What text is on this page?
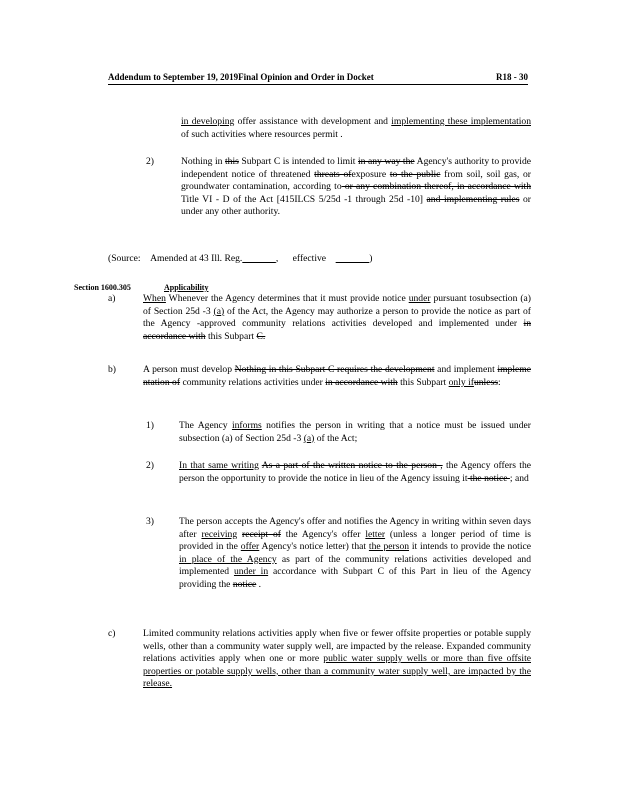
Addendum to September 19, 2019Final Opinion and Order in Docket	R18 - 30
in developing offer assistance with development and implementing these implementation of such activities where resources permit .
2)	Nothing in this Subpart C is intended to limit in any way the Agency's authority to provide independent notice of threatened threats ofexposure to the public from soil, soil gas, or groundwater contamination, according to or any combination thereof, in accordance with Title VI - D of the Act [415ILCS 5/25d -1 through 25d -10] and implementing rules or under any other authority.
(Source: Amended at 43 Ill. Reg.	,      effective	)
Section 1600.305	Applicability
a)	When Whenever the Agency determines that it must provide notice under pursuant tosubsection (a) of Section 25d -3 (a) of the Act, the Agency may authorize a person to provide the notice as part of the Agency -approved community relations activities developed and implemented under in accordance with this Subpart C.
b)	A person must develop Nothing in this Subpart C requires the development and implement impleme ntation of community relations activities under in accordance with this Subpart only ifunless:
1)	The Agency informs notifies the person in writing that a notice must be issued under subsection (a) of Section 25d -3 (a) of the Act;
2)	In that same writing As a part of the written notice to the person , the Agency offers the person the opportunity to provide the notice in lieu of the Agency issuing it the notice ; and
3)	The person accepts the Agency's offer and notifies the Agency in writing within seven days after receiving receipt of the Agency's offer letter (unless a longer period of time is provided in the offer Agency's notice letter) that the person it intends to provide the notice in place of the Agency as part of the community relations activities developed and implemented under in accordance with Subpart C of this Part in lieu of the Agency providing the notice .
c)	Limited community relations activities apply when five or fewer offsite properties or potable supply wells, other than a community water supply well, are impacted by the release. Expanded community relations activities apply when one or more public water supply wells or more than five offsite properties or potable supply wells, other than a community water supply well, are impacted by the release.
